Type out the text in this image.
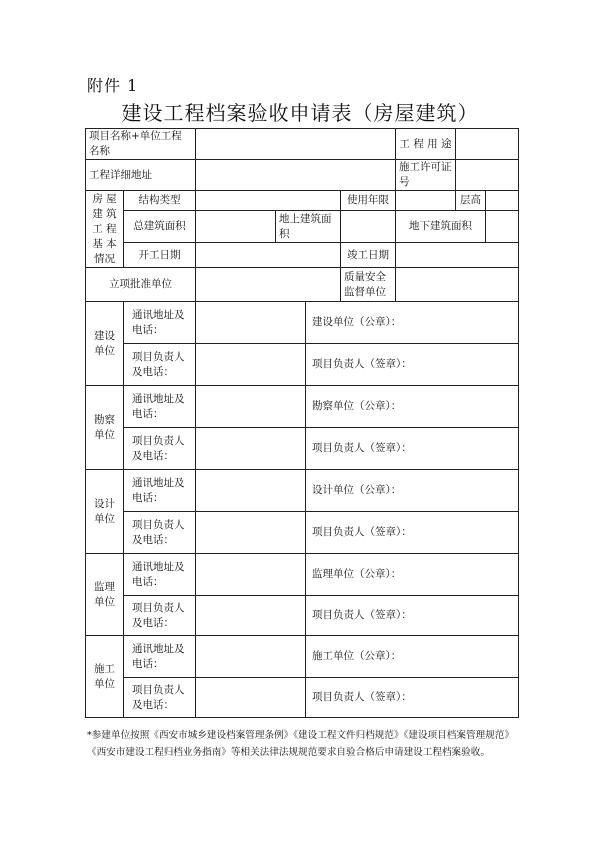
附件 1
建设工程档案验收申请表（房屋建筑）
项目名称+单位工程名称						工 程 用 途		
工程详细地址						施工许可证号		
房 屋 建 筑 工 程 基 本 情况	结构类型				使用年限		层高	
	总建筑面积		地上建筑面积			地下建筑面积		
	开工日期				竣工日期			
立项批准单位					质量安全监督单位			
建设单位	通讯地址及电话：			建设单位（公章）：				
	项目负责人及电话：			项目负责人（签章）：				
勘察单位	通讯地址及电话：			勘察单位（公章）：				
	项目负责人及电话：			项目负责人（签章）：				
设计单位	通讯地址及电话：			设计单位（公章）：				
	项目负责人及电话：			项目负责人（签章）：				
监理单位	通讯地址及电话：			监理单位（公章）：				
	项目负责人及电话：			项目负责人（签章）：				
施工单位	通讯地址及电话：			施工单位（公章）：				
	项目负责人及电话：			项目负责人（签章）：				
*参建单位按照《西安市城乡建设档案管理条例》《建设工程文件归档规范》《建设项目档案管理规范》《西安市建设工程归档业务指南》等相关法律法规规范要求自验合格后申请建设工程档案验收。
